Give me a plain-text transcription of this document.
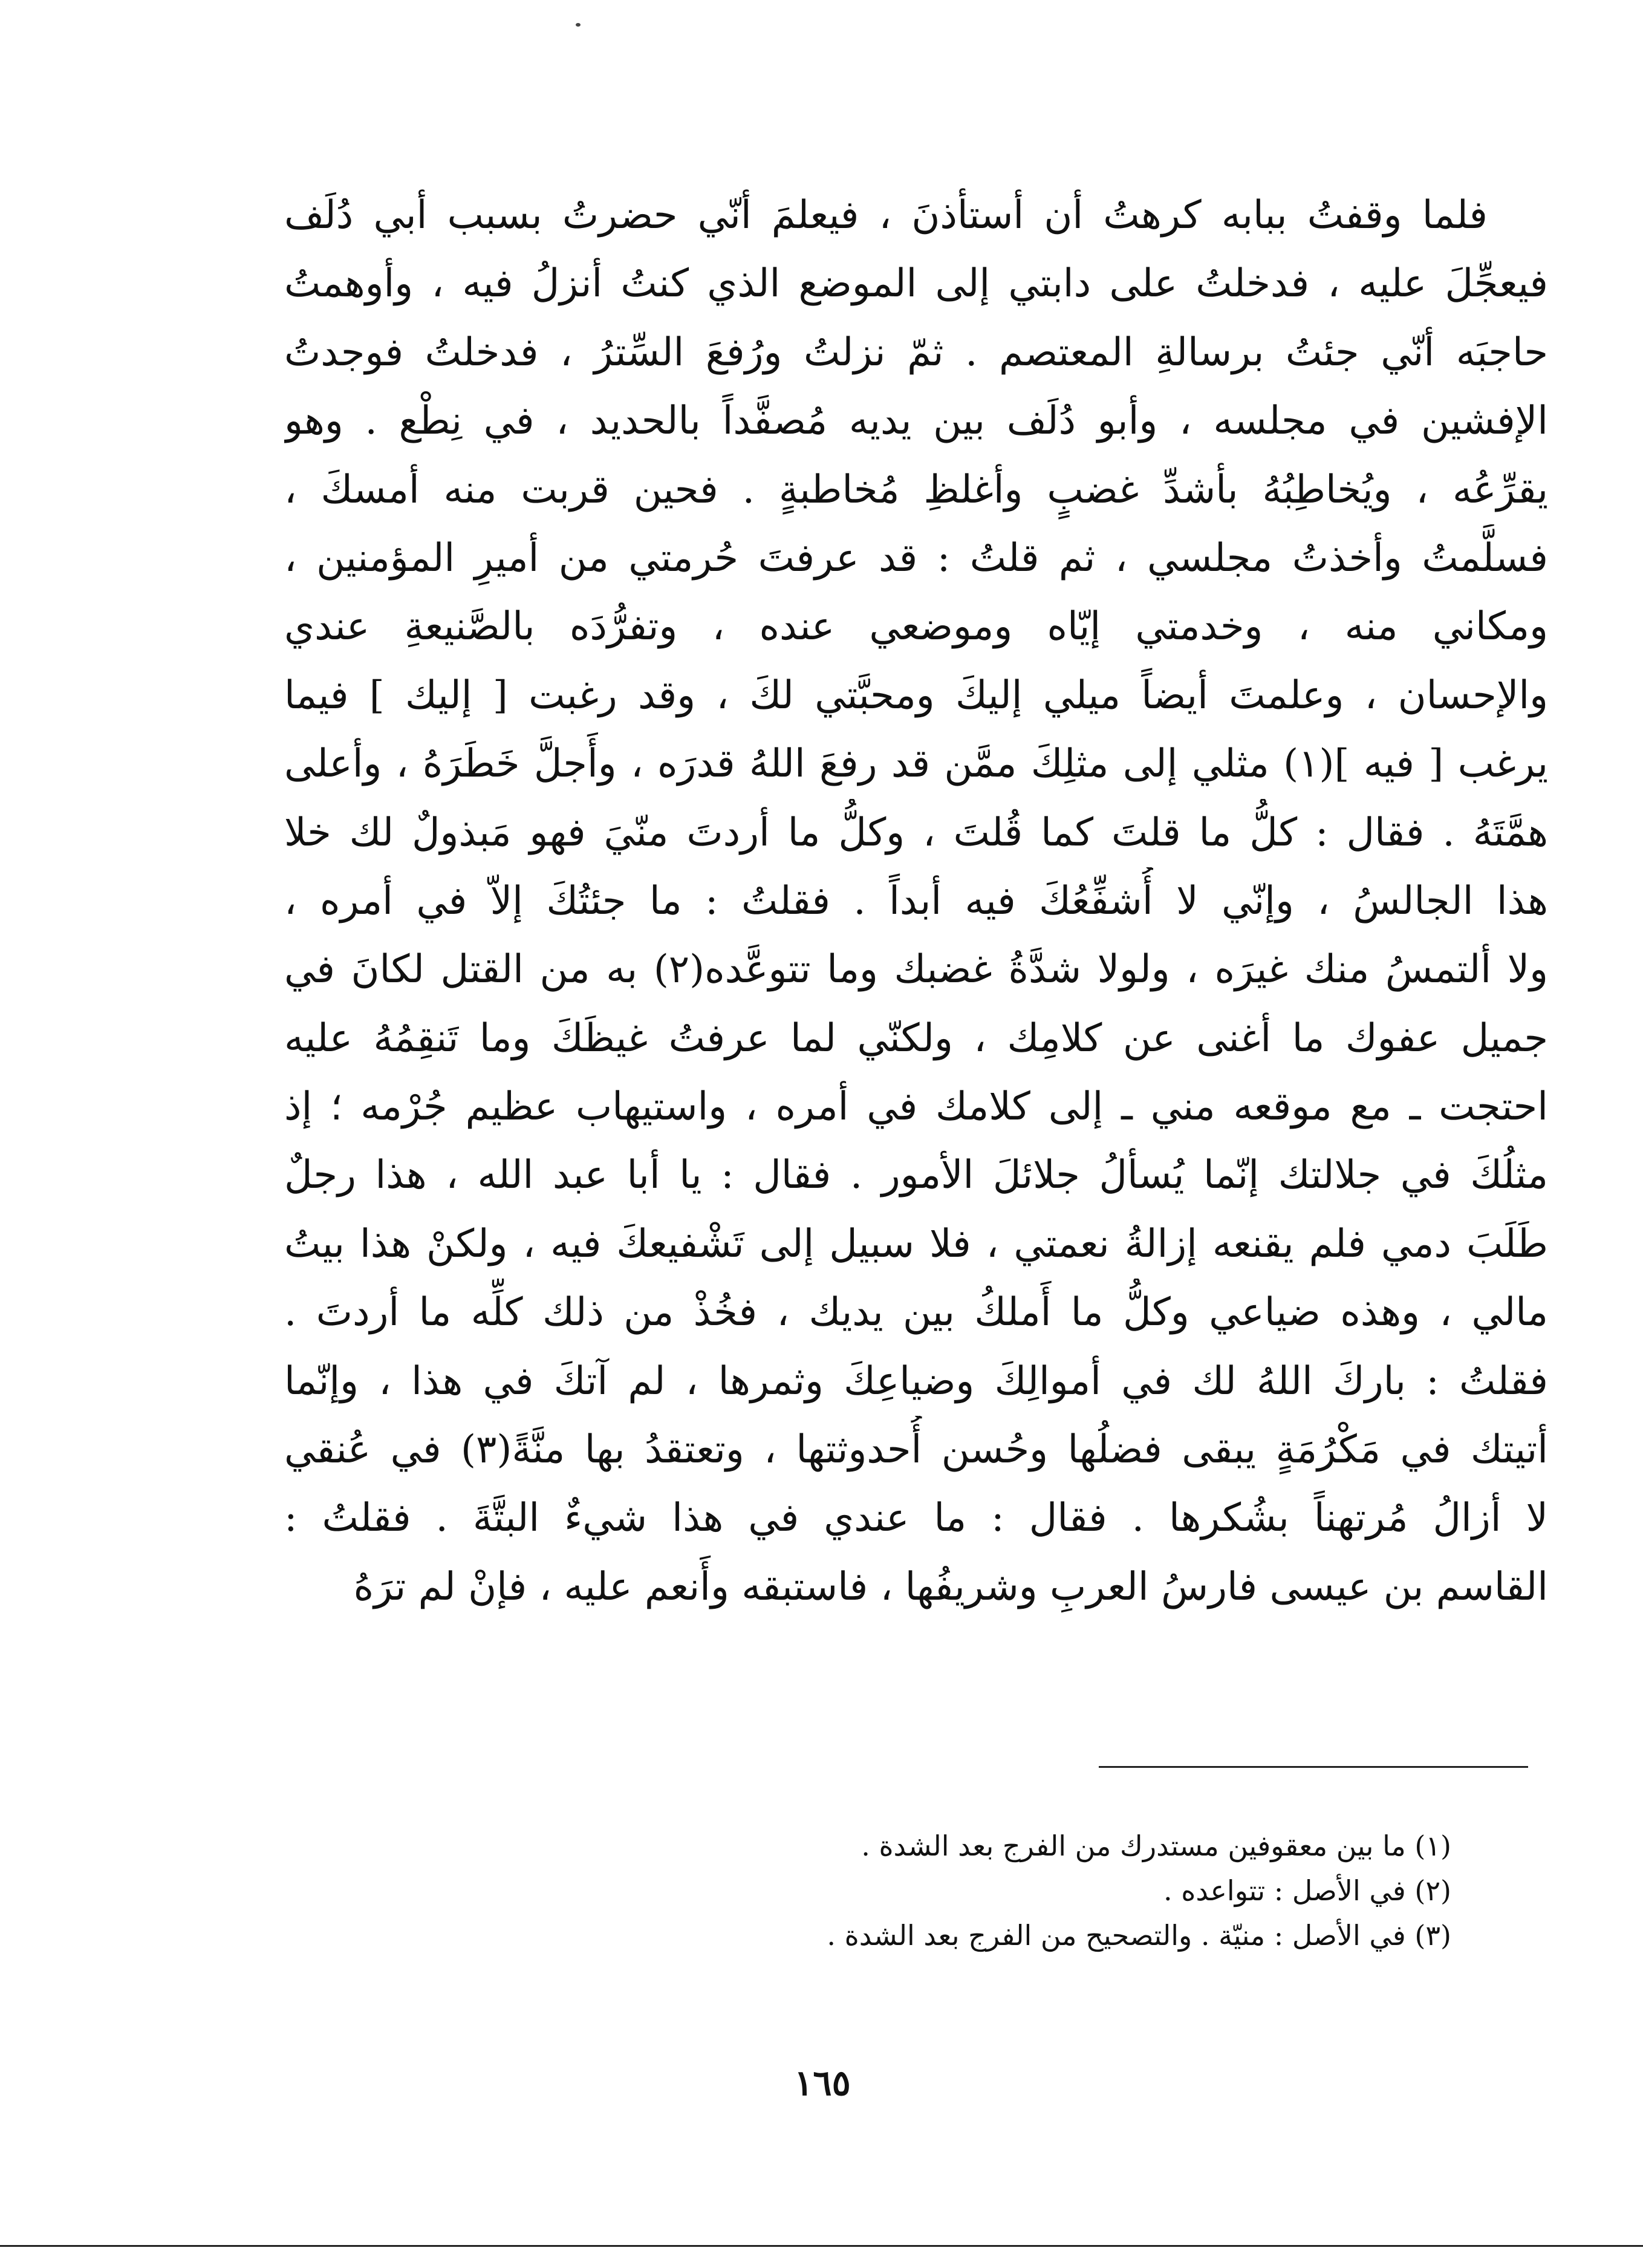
فلما وقفتُ ببابه كرهتُ أن أستأذنَ ، فيعلمَ أنّي حضرتُ بسبب أبي دُلَف
فيعجِّلَ عليه ، فدخلتُ على دابتي إلى الموضع الذي كنتُ أنزلُ فيه ، وأوهمتُ
حاجبَه أنّي جئتُ برسالةِ المعتصم . ثمّ نزلتُ ورُفعَ السِّترُ ، فدخلتُ فوجدتُ
الإفشين في مجلسه ، وأبو دُلَف بين يديه مُصفَّداً بالحديد ، في نِطْع . وهو
يقرِّعُه ، ويُخاطِبُهُ بأشدِّ غضبٍ وأغلظِ مُخاطبةٍ . فحين قربت منه أمسكَ ،
فسلَّمتُ وأخذتُ مجلسي ، ثم قلتُ : قد عرفتَ حُرمتي من أميرِ المؤمنين ،
ومكاني منه ، وخدمتي إيّاه وموضعي عنده ، وتفرُّدَه بالصَّنيعةِ عندي
والإحسان ، وعلمتَ أيضاً ميلي إليكَ ومحبَّتي لكَ ، وقد رغبت [ إليك ] فيما
يرغب [ فيه ](١) مثلي إلى مثلِكَ ممَّن قد رفعَ اللهُ قدرَه ، وأَجلَّ خَطَرَهُ ، وأعلى
همَّتَهُ . فقال : كلُّ ما قلتَ كما قُلتَ ، وكلُّ ما أردتَ منّيَ فهو مَبذولٌ لك خلا
هذا الجالسُ ، وإنّي لا أُشفِّعُكَ فيه أبداً . فقلتُ : ما جئتُكَ إلاّ في أمره ،
ولا ألتمسُ منك غيرَه ، ولولا شدَّةُ غضبك وما تتوعَّده(٢) به من القتل لكانَ في
جميل عفوك ما أغنى عن كلامِك ، ولكنّي لما عرفتُ غيظَكَ وما تَنقِمُهُ عليه
احتجت ـ مع موقعه مني ـ إلى كلامك في أمره ، واستيهاب عظيم جُرْمه ؛ إذ
مثلُكَ في جلالتك إنّما يُسألُ جلائلَ الأمور . فقال : يا أبا عبد الله ، هذا رجلٌ
طَلَبَ دمي فلم يقنعه إزالةُ نعمتي ، فلا سبيل إلى تَشْفيعكَ فيه ، ولكنْ هذا بيتُ
مالي ، وهذه ضياعي وكلُّ ما أَملكُ بين يديك ، فخُذْ من ذلك كلِّه ما أردتَ .
فقلتُ : باركَ اللهُ لك في أموالِكَ وضياعِكَ وثمرها ، لم آتكَ في هذا ، وإنّما
أتيتك في مَكْرُمَةٍ يبقى فضلُها وحُسن أُحدوثتها ، وتعتقدُ بها منَّةً(٣) في عُنقي
لا أزالُ مُرتهناً بشُكرها . فقال : ما عندي في هذا شيءٌ البتَّةَ . فقلتُ :
القاسم بن عيسى فارسُ العربِ وشريفُها ، فاستبقه وأَنعم عليه ، فإنْ لم ترَهُ
(١) ما بين معقوفين مستدرك من الفرج بعد الشدة .
(٢) في الأصل : تتواعده .
(٣) في الأصل : منيّة . والتصحيح من الفرج بعد الشدة .
١٦٥
